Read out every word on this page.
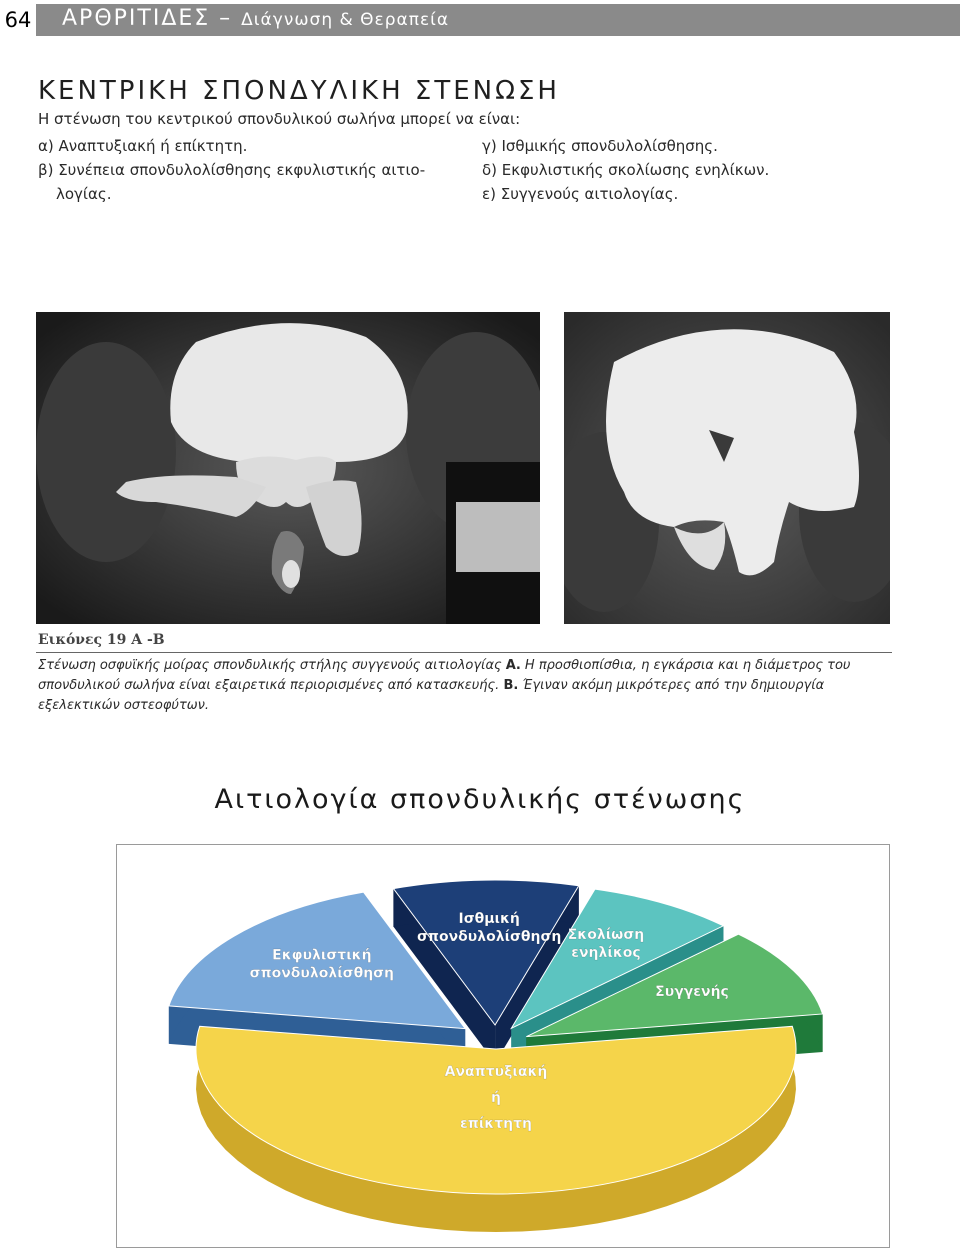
64 ΑΡΘΡΙΤΙΔΕΣ – Διάγνωση & Θεραπεία
ΚΕΝΤΡΙΚΗ ΣΠΟΝΔΥΛΙΚΗ ΣΤΕΝΩΣΗ
Η στένωση του κεντρικού σπονδυλικού σωλήνα μπορεί να είναι:
α) Αναπτυξιακή ή επίκτητη.
β) Συνέπεια σπονδυλολίσθησης εκφυλιστικής αιτιο-
λογίας.
γ) Ισθμικής σπονδυλολίσθησης.
δ) Εκφυλιστικής σκολίωσης ενηλίκων.
ε) Συγγενούς αιτιολογίας.
Εικόνες 19 Α -Β
Στένωση οσφυϊκής μοίρας σπονδυλικής στήλης συγγενούς αιτιολογίας Α. Η προσθιοπίσθια, η εγκάρσια και η διάμετρος του σπονδυλικού σωλήνα είναι εξαιρετικά περιορισμένες από κατασκευής. Β. Έγιναν ακόμη μικρότερες από την δημιουργία εξελεκτικών οστεοφύτων.
Αιτιολογία σπονδυλικής στένωσης
Αναπτυξιακή ή επίκτητη
Εκφυλιστική σπονδυλολίσθηση
Ισθμική σπονδυλολίσθηση Σκολίωση ενηλίκος
Συγγενής
